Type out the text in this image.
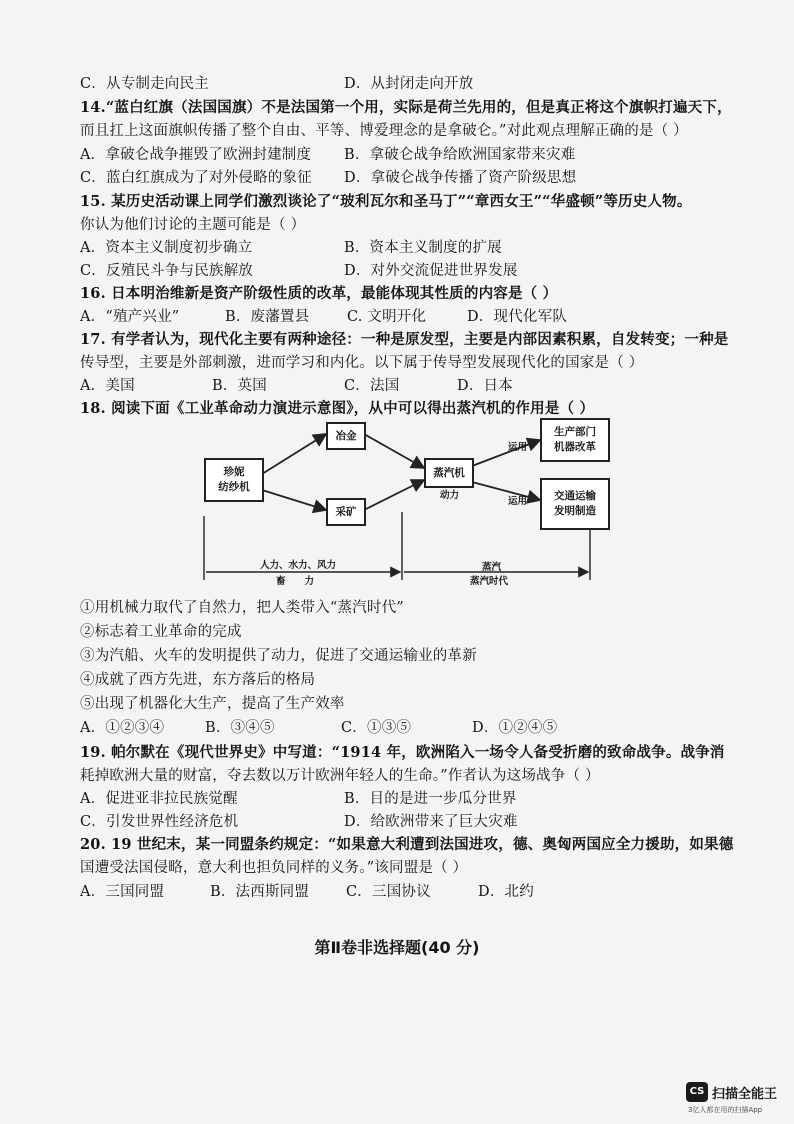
C．从专制走向民主	D．从封闭走向开放
14.“蓝白红旗（法国国旗）不是法国第一个用，实际是荷兰先用的，但是真正将这个旗帜打遍天下，
而且扛上这面旗帜传播了整个自由、平等、博爱理念的是拿破仑。”对此观点理解正确的是（ ）
A．拿破仑战争摧毁了欧洲封建制度 B．拿破仑战争给欧洲国家带来灾难
C．蓝白红旗成为了对外侵略的象征 D．拿破仑战争传播了资产阶级思想
15. 某历史活动课上同学们激烈谈论了“玻利瓦尔和圣马丁”“章西女王”“华盛顿”等历史人物。
你认为他们讨论的主题可能是（ ）
A．资本主义制度初步确立	B．资本主义制度的扩展
C．反殖民斗争与民族解放	D．对外交流促进世界发展
16. 日本明治维新是资产阶级性质的改革，最能体现其性质的内容是（ ）
A．“殖产兴业”	B．废藩置县	C. 文明开化	D．现代化军队
17. 有学者认为，现代化主要有两种途径：一种是原发型，主要是内部因素积累，自发转变；一种是
传导型，主要是外部刺激，进而学习和内化。以下属于传导型发展现代化的国家是（ ）
A．美国	B．英国	C．法国	D．日本
18. 阅读下面《工业革命动力演进示意图》，从中可以得出蒸汽机的作用是（ ）
珍妮
纺纱机
冶金
采矿
蒸汽机
生产部门
机器改革
交通运输
发明制造
运用
运用
动力
人力、水力、风力
畜　　力
蒸汽
蒸汽时代
①用机械力取代了自然力，把人类带入“蒸汽时代”
②标志着工业革命的完成
③为汽船、火车的发明提供了动力，促进了交通运输业的革新
④成就了西方先进，东方落后的格局
⑤出现了机器化大生产，提高了生产效率
A．①②③④	B．③④⑤	C．①③⑤	D．①②④⑤
19. 帕尔默在《现代世界史》中写道：“1914 年，欧洲陷入一场令人备受折磨的致命战争。战争消
耗掉欧洲大量的财富，夺去数以万计欧洲年轻人的生命。”作者认为这场战争（ ）
A．促进亚非拉民族觉醒	B．目的是进一步瓜分世界
C．引发世界性经济危机	D．给欧洲带来了巨大灾难
20. 19 世纪末，某一同盟条约规定：“如果意大利遭到法国进攻，德、奥匈两国应全力援助，如果德
国遭受法国侵略，意大利也担负同样的义务。”该同盟是（ ）
A．三国同盟	B．法西斯同盟	C．三国协议	D．北约
第Ⅱ卷非选择题(40 分)
CS 扫描全能王
3亿人都在用的扫描App
